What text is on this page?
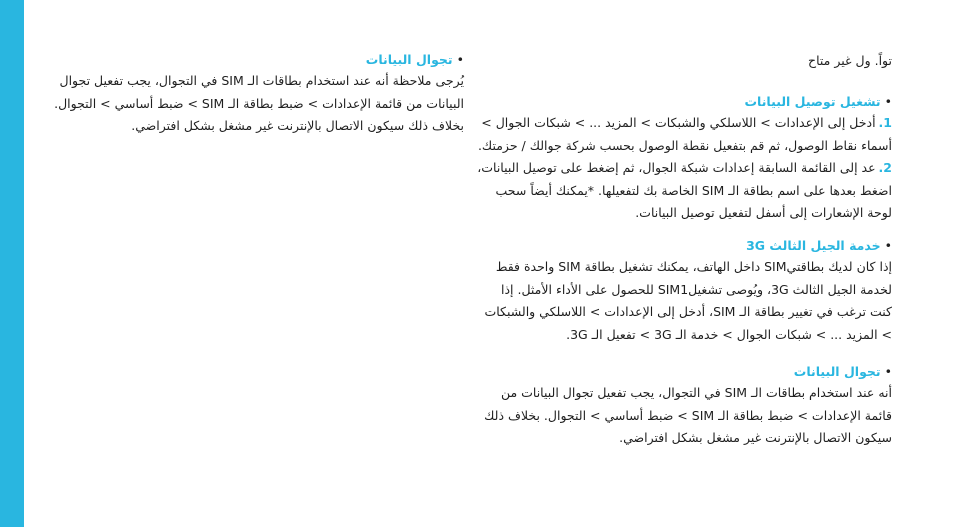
تواً. ول غير متاح
•تشغيل توصيل البيانات
1.أدخل إلى الإعدادات > اللاسلكي والشبكات > المزيد ... > شبكات الجوال >
أسماء نقاط الوصول، ثم قم بتفعيل نقطة الوصول بحسب شركة جوالك / حزمتك.
2.عد إلى القائمة السابقة إعدادات شبكة الجوال، ثم إضغط على توصيل البيانات،
اضغط بعدها على اسم بطاقة الـ SIM الخاصة بك لتفعيلها. *يمكنك أيضاً سحب
لوحة الإشعارات إلى أسفل لتفعيل توصيل البيانات.
•خدمة الجيل الثالث 3G
إذا كان لديك بطاقتيSIM داخل الهاتف، يمكنك تشغيل بطاقة SIM واحدة فقط
لخدمة الجيل الثالث 3G، ويُوصى تشغيلSIM1 للحصول على الأداء الأمثل. إذا
كنت ترغب في تغيير بطاقة الـ SIM، أدخل إلى الإعدادات > اللاسلكي والشبكات
> المزيد ... > شبكات الجوال > خدمة الـ 3G > تفعيل الـ 3G.
•تجوال البيانات
أنه عند استخدام بطاقات الـ SIM في التجوال، يجب تفعيل تجوال البيانات من
قائمة الإعدادات > ضبط بطاقة الـ SIM > ضبط أساسي > التجوال. بخلاف ذلك
سيكون الاتصال بالإنترنت غير مشغل بشكل افتراضي.
•تجوال البيانات
يُرجى ملاحظة أنه عند استخدام بطاقات الـ SIM في التجوال، يجب تفعيل تجوال
البيانات من قائمة الإعدادات > ضبط بطاقة الـ SIM > ضبط أساسي > التجوال.
بخلاف ذلك سيكون الاتصال بالإنترنت غير مشغل بشكل افتراضي.
